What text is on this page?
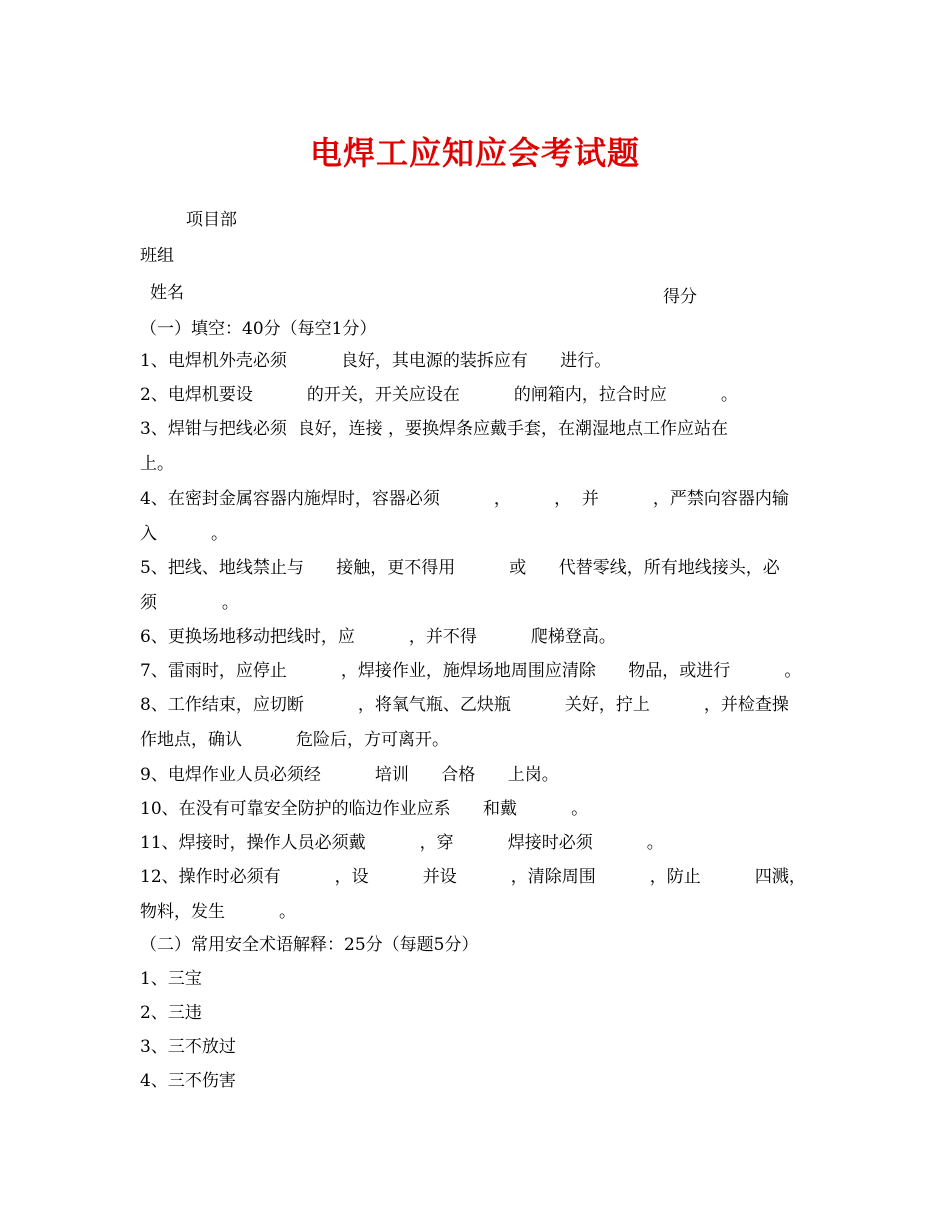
电焊工应知应会考试题
项目部
班组
姓名	得分
（一）填空：40分（每空1分）
1、电焊机外壳必须          良好，其电源的装拆应有      进行。
2、电焊机要设          的开关，开关应设在          的闸箱内，拉合时应          。
3、焊钳与把线必须  良好，连接 ，要换焊条应戴手套，在潮湿地点工作应站在
上。
4、在密封金属容器内施焊时，容器必须          ，        ，  并          ，严禁向容器内输
入          。
5、把线、地线禁止与      接触，更不得用          或      代替零线，所有地线接头，必
须            。
6、更换场地移动把线时，应          ，并不得          爬梯登高。
7、雷雨时，应停止          ，焊接作业，施焊场地周围应清除      物品，或进行          。
8、工作结束，应切断          ，将氧气瓶、乙炔瓶          关好，拧上          ，并检查操
作地点，确认          危险后，方可离开。
9、电焊作业人员必须经          培训      合格      上岗。
10、在没有可靠安全防护的临边作业应系      和戴          。
11、焊接时，操作人员必须戴          ，穿          焊接时必须          。
12、操作时必须有          ，设          并设          ，清除周围          ，防止          四溅，
物料，发生          。
（二）常用安全术语解释：25分（每题5分）
1、三宝
2、三违
3、三不放过
4、三不伤害
